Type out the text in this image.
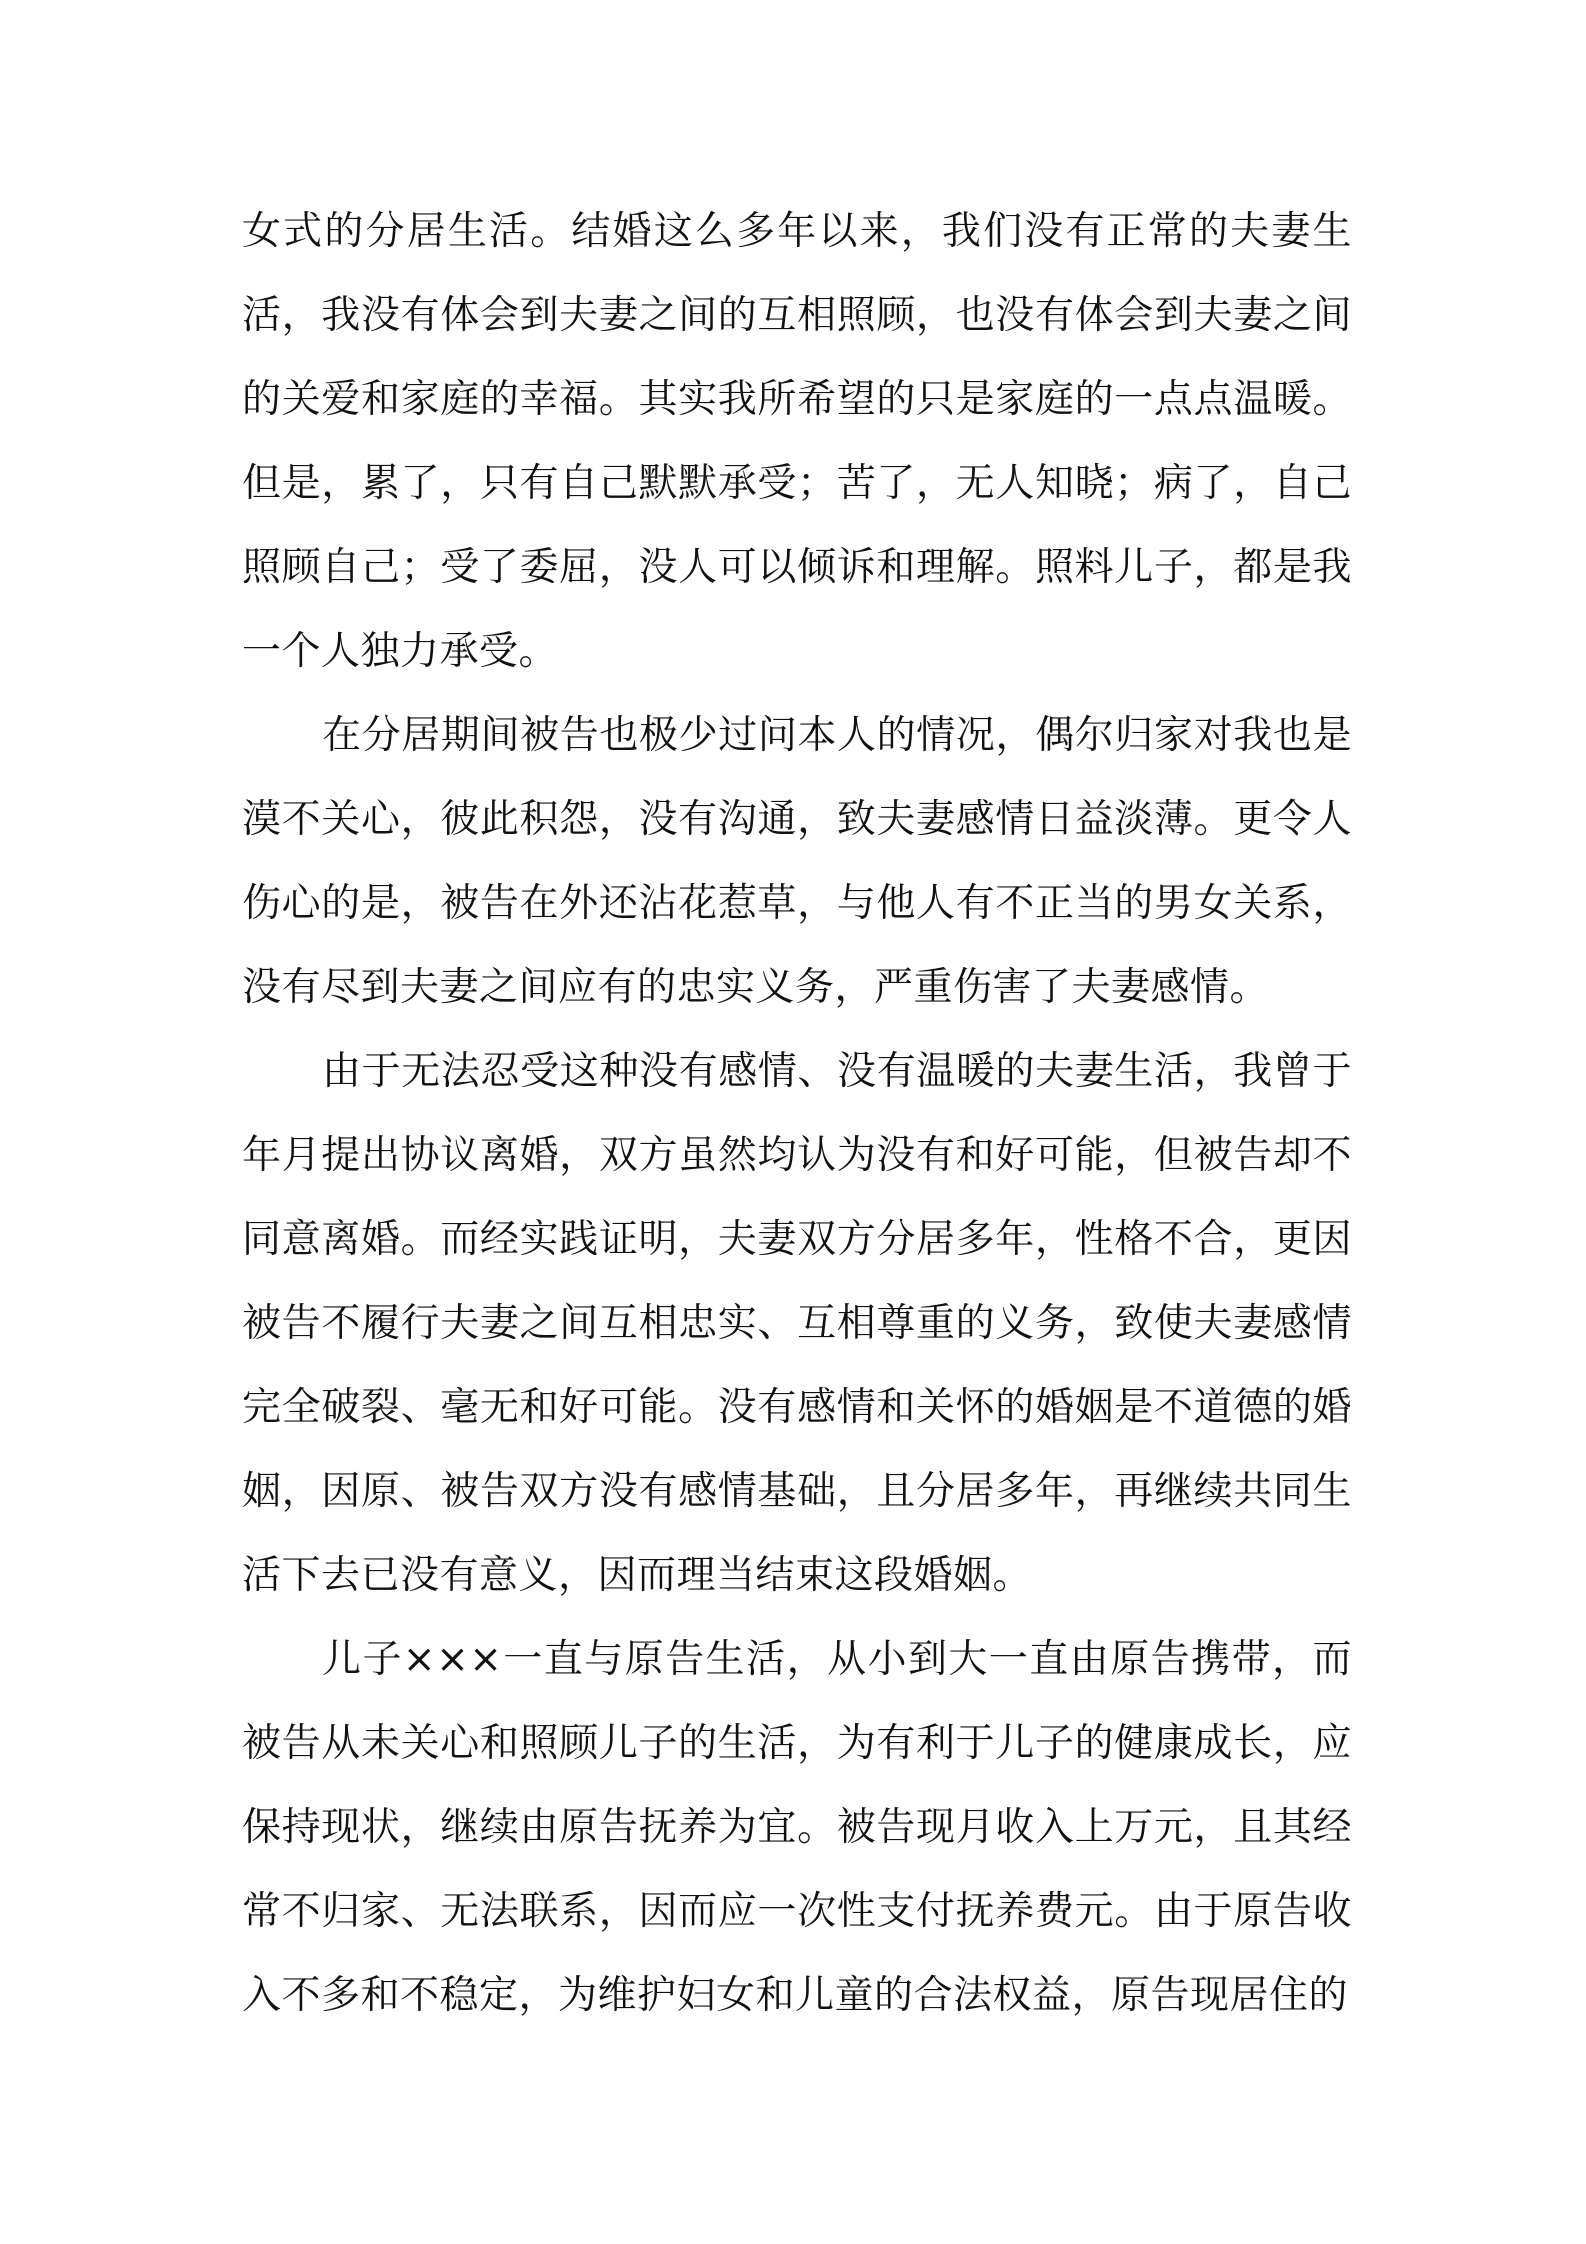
女式的分居生活。结婚这么多年以来，我们没有正常的夫妻生活，我没有体会到夫妻之间的互相照顾，也没有体会到夫妻之间的关爱和家庭的幸福。其实我所希望的只是家庭的一点点温暖。但是，累了，只有自己默默承受；苦了，无人知晓；病了，自己照顾自己；受了委屈，没人可以倾诉和理解。照料儿子，都是我一个人独力承受。

在分居期间被告也极少过问本人的情况，偶尔归家对我也是漠不关心，彼此积怨，没有沟通，致夫妻感情日益淡薄。更令人伤心的是，被告在外还沾花惹草，与他人有不正当的男女关系，没有尽到夫妻之间应有的忠实义务，严重伤害了夫妻感情。

由于无法忍受这种没有感情、没有温暖的夫妻生活，我曾于年月提出协议离婚，双方虽然均认为没有和好可能，但被告却不同意离婚。而经实践证明，夫妻双方分居多年，性格不合，更因被告不履行夫妻之间互相忠实、互相尊重的义务，致使夫妻感情完全破裂、毫无和好可能。没有感情和关怀的婚姻是不道德的婚姻，因原、被告双方没有感情基础，且分居多年，再继续共同生活下去已没有意义，因而理当结束这段婚姻。

儿子×××一直与原告生活，从小到大一直由原告携带，而被告从未关心和照顾儿子的生活，为有利于儿子的健康成长，应保持现状，继续由原告抚养为宜。被告现月收入上万元，且其经常不归家、无法联系，因而应一次性支付抚养费元。由于原告收入不多和不稳定，为维护妇女和儿童的合法权益，原告现居住的
